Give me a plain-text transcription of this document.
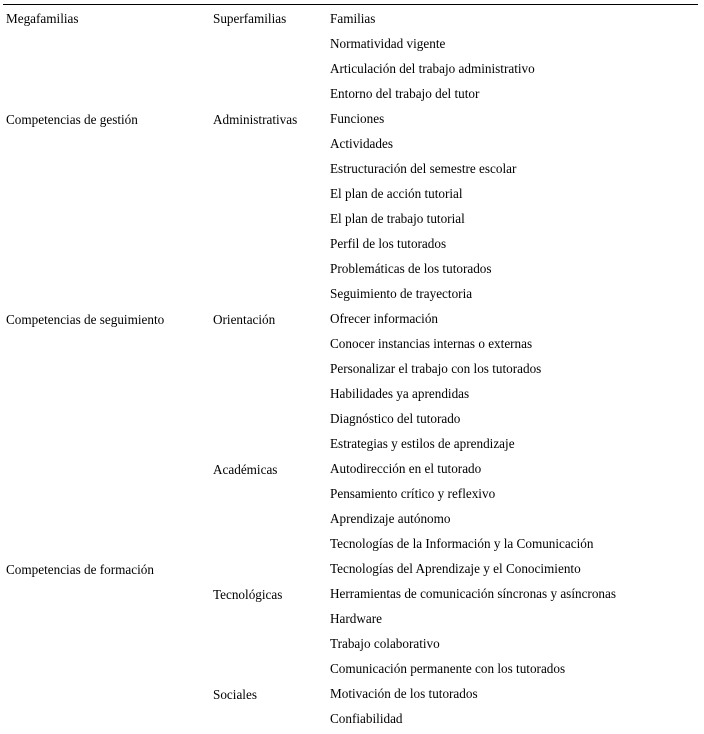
Megafamilias	Superfamilias	Familias
Normatividad vigente
Articulación del trabajo administrativo
Entorno del trabajo del tutor
Funciones
Actividades
Estructuración del semestre escolar
El plan de acción tutorial
El plan de trabajo tutorial
Perfil de los tutorados
Problemáticas de los tutorados
Seguimiento de trayectoria
Ofrecer información
Conocer instancias internas o externas
Personalizar el trabajo con los tutorados
Habilidades ya aprendidas
Diagnóstico del tutorado
Estrategias y estilos de aprendizaje
Autodirección en el tutorado
Pensamiento crítico y reflexivo
Aprendizaje autónomo
Tecnologías de la Información y la Comunicación
Tecnologías del Aprendizaje y el Conocimiento
Herramientas de comunicación síncronas y asíncronas
Hardware
Trabajo colaborativo
Comunicación permanente con los tutorados
Motivación de los tutorados
Confiabilidad
Competencias de gestión
Competencias de seguimiento
Competencias de formación
Administrativas
Orientación
Académicas
Tecnológicas
Sociales
